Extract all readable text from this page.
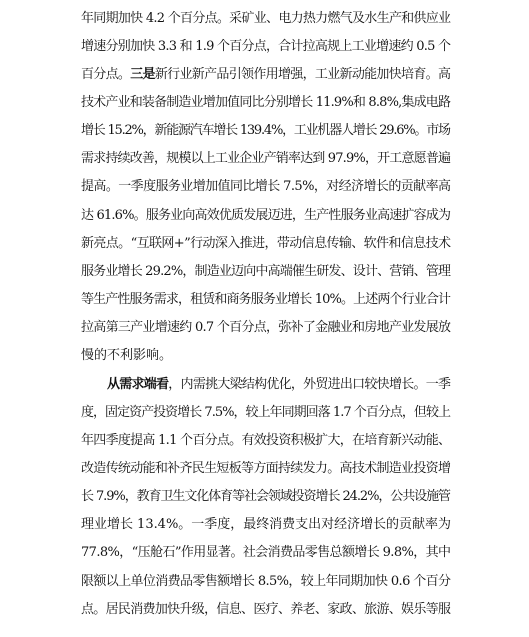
年同期加快 4.2 个百分点。采矿业、电力热力燃气及水生产和供应业
增速分别加快 3.3 和 1.9 个百分点，合计拉高规上工业增速约 0.5 个
百分点。三是新行业新产品引领作用增强，工业新动能加快培育。高
技术产业和装备制造业增加值同比分别增长 11.9%和 8.8%,集成电路
增长 15.2%，新能源汽车增长 139.4%，工业机器人增长 29.6%。市场
需求持续改善，规模以上工业企业产销率达到 97.9%，开工意愿普遍
提高。一季度服务业增加值同比增长 7.5%，对经济增长的贡献率高
达 61.6%。服务业向高效优质发展迈进，生产性服务业高速扩容成为
新亮点。“互联网+”行动深入推进，带动信息传输、软件和信息技术
服务业增长 29.2%，制造业迈向中高端催生研发、设计、营销、管理
等生产性服务需求，租赁和商务服务业增长 10%。上述两个行业合计
拉高第三产业增速约 0.7 个百分点，弥补了金融业和房地产业发展放
慢的不利影响。
从需求端看，内需挑大梁结构优化，外贸进出口较快增长。一季
度，固定资产投资增长 7.5%，较上年同期回落 1.7 个百分点，但较上
年四季度提高 1.1 个百分点。有效投资积极扩大，在培育新兴动能、
改造传统动能和补齐民生短板等方面持续发力。高技术制造业投资增
长 7.9%，教育卫生文化体育等社会领域投资增长 24.2%，公共设施管
理业增长 13.4%。一季度，最终消费支出对经济增长的贡献率为
77.8%，“压舱石”作用显著。社会消费品零售总额增长 9.8%，其中
限额以上单位消费品零售额增长 8.5%，较上年同期加快 0.6 个百分
点。居民消费加快升级，信息、医疗、养老、家政、旅游、娱乐等服
